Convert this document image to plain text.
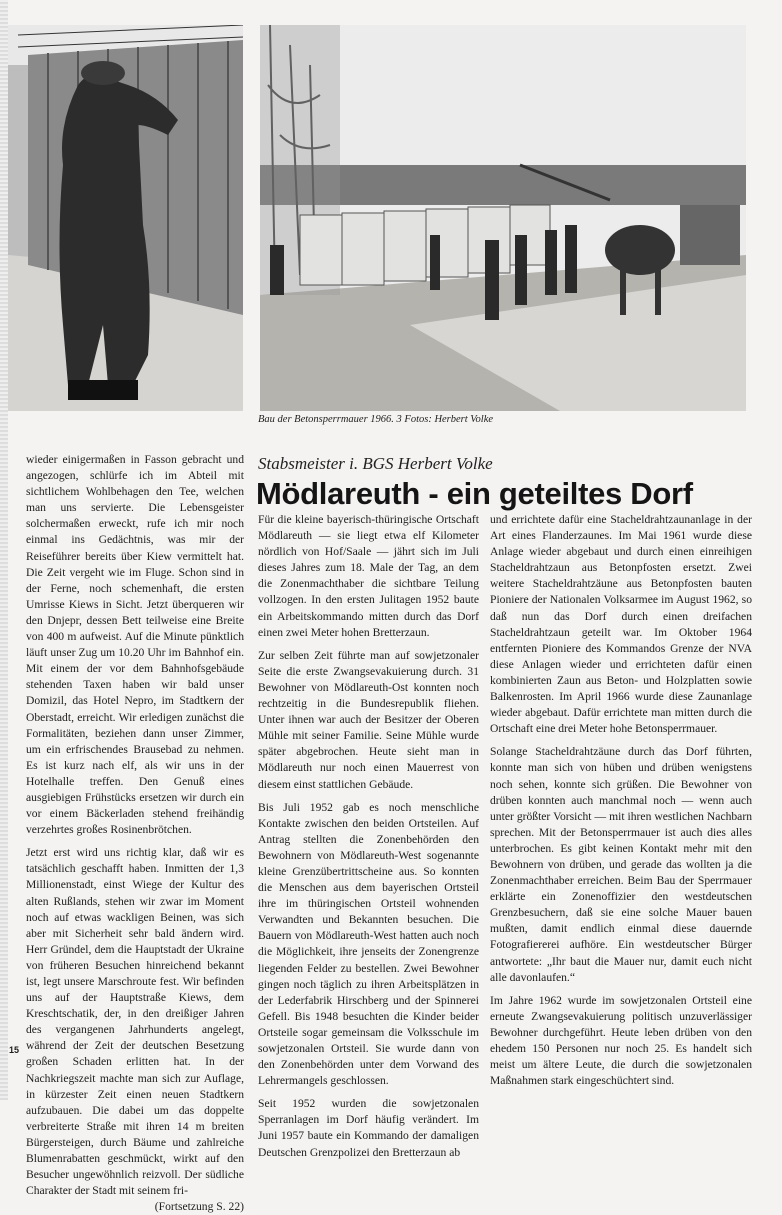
Bau der Betonsperrmauer 1966. 3 Fotos: Herbert Volke
Stabsmeister i. BGS Herbert Volke
Mödlareuth - ein geteiltes Dorf

wieder einigermaßen in Fasson gebracht und angezogen, schlürfe ich im Abteil mit sichtlichem Wohlbehagen den Tee, welchen man uns servierte. Die Lebensgeister solchermaßen erweckt, rufe ich mir noch einmal ins Gedächtnis, was mir der Reiseführer bereits über Kiew vermittelt hat. Die Zeit vergeht wie im Fluge. Schon sind in der Ferne, noch schemenhaft, die ersten Umrisse Kiews in Sicht. Jetzt überqueren wir den Dnjepr, dessen Bett teilweise eine Breite von 400 m aufweist. Auf die Minute pünktlich läuft unser Zug um 10.20 Uhr im Bahnhof ein. Mit einem der vor dem Bahnhofsgebäude stehenden Taxen haben wir bald unser Domizil, das Hotel Nepro, im Stadtkern der Oberstadt, erreicht. Wir erledigen zunächst die Formalitäten, beziehen dann unser Zimmer, um ein erfrischendes Brausebad zu nehmen. Es ist kurz nach elf, als wir uns in der Hotelhalle treffen. Den Genuß eines ausgiebigen Frühstücks ersetzen wir durch ein vor einem Bäckerladen stehend freihändig verzehrtes großes Rosinenbrötchen.

Jetzt erst wird uns richtig klar, daß wir es tatsächlich geschafft haben. Inmitten der 1,3 Millionenstadt, einst Wiege der Kultur des alten Rußlands, stehen wir zwar im Moment noch auf etwas wackligen Beinen, was sich aber mit Sicherheit sehr bald ändern wird. Herr Gründel, dem die Hauptstadt der Ukraine von früheren Besuchen hinreichend bekannt ist, legt unsere Marschroute fest. Wir befinden uns auf der Hauptstraße Kiews, dem Kreschtschatik, der, in den dreißiger Jahren des vergangenen Jahrhunderts angelegt, während der Zeit der deutschen Besetzung großen Schaden erlitten hat. In der Nachkriegszeit machte man sich zur Auflage, in kürzester Zeit einen neuen Stadtkern aufzubauen. Die dabei um das doppelte verbreiterte Straße mit ihren 14 m breiten Bürgersteigen, durch Bäume und zahlreiche Blumenrabatten geschmückt, wirkt auf den Besucher ungewöhnlich reizvoll. Der südliche Charakter der Stadt mit seinem fri-

(Fortsetzung S. 22)

Für die kleine bayerisch-thüringische Ortschaft Mödlareuth — sie liegt etwa elf Kilometer nördlich von Hof/Saale — jährt sich im Juli dieses Jahres zum 18. Male der Tag, an dem die Zonenmachthaber die sichtbare Teilung vollzogen. In den ersten Julitagen 1952 baute ein Arbeitskommando mitten durch das Dorf einen zwei Meter hohen Bretterzaun.

Zur selben Zeit führte man auf sowjetzonaler Seite die erste Zwangsevakuierung durch. 31 Bewohner von Mödlareuth-Ost konnten noch rechtzeitig in die Bundesrepublik fliehen. Unter ihnen war auch der Besitzer der Oberen Mühle mit seiner Familie. Seine Mühle wurde später abgebrochen. Heute sieht man in Mödlareuth nur noch einen Mauerrest von diesem einst stattlichen Gebäude.

Bis Juli 1952 gab es noch menschliche Kontakte zwischen den beiden Ortsteilen. Auf Antrag stellten die Zonenbehörden den Bewohnern von Mödlareuth-West sogenannte kleine Grenzübertrittscheine aus. So konnten die Menschen aus dem bayerischen Ortsteil ihre im thüringischen Ortsteil wohnenden Verwandten und Bekannten besuchen. Die Bauern von Mödlareuth-West hatten auch noch die Möglichkeit, ihre jenseits der Zonengrenze liegenden Felder zu bestellen. Zwei Bewohner gingen noch täglich zu ihren Arbeitsplätzen in der Lederfabrik Hirschberg und der Spinnerei Gefell. Bis 1948 besuchten die Kinder beider Ortsteile sogar gemeinsam die Volksschule im sowjetzonalen Ortsteil. Sie wurde dann von den Zonenbehörden unter dem Vorwand des Lehrermangels geschlossen.

Seit 1952 wurden die sowjetzonalen Sperranlagen im Dorf häufig verändert. Im Juni 1957 baute ein Kommando der damaligen Deutschen Grenzpolizei den Bretterzaun ab

und errichtete dafür eine Stacheldrahtzaunanlage in der Art eines Flanderzaunes. Im Mai 1961 wurde diese Anlage wieder abgebaut und durch einen einreihigen Stacheldrahtzaun aus Betonpfosten ersetzt. Zwei weitere Stacheldrahtzäune aus Betonpfosten bauten Pioniere der Nationalen Volksarmee im August 1962, so daß nun das Dorf durch einen dreifachen Stacheldrahtzaun geteilt war. Im Oktober 1964 entfernten Pioniere des Kommandos Grenze der NVA diese Anlagen wieder und errichteten dafür einen kombinierten Zaun aus Beton- und Holzplatten sowie Balkenrosten. Im April 1966 wurde diese Zaunanlage wieder abgebaut. Dafür errichtete man mitten durch die Ortschaft eine drei Meter hohe Betonsperrmauer.

Solange Stacheldrahtzäune durch das Dorf führten, konnte man sich von hüben und drüben wenigstens noch sehen, konnte sich grüßen. Die Bewohner von drüben konnten auch manchmal noch — wenn auch unter größter Vorsicht — mit ihren westlichen Nachbarn sprechen. Mit der Betonsperrmauer ist auch dies alles unterbrochen. Es gibt keinen Kontakt mehr mit den Bewohnern von drüben, und gerade das wollten ja die Zonenmachthaber erreichen. Beim Bau der Sperrmauer erklärte ein Zonenoffizier den westdeutschen Grenzbesuchern, daß sie eine solche Mauer bauen mußten, damit endlich einmal diese dauernde Fotografiererei aufhöre. Ein westdeutscher Bürger antwortete: „Ihr baut die Mauer nur, damit euch nicht alle davonlaufen.“

Im Jahre 1962 wurde im sowjetzonalen Ortsteil eine erneute Zwangsevakuierung politisch unzuverlässiger Bewohner durchgeführt. Heute leben drüben von den ehedem 150 Personen nur noch 25. Es handelt sich meist um ältere Leute, die durch die sowjetzonalen Maßnahmen stark eingeschüchtert sind.

15
